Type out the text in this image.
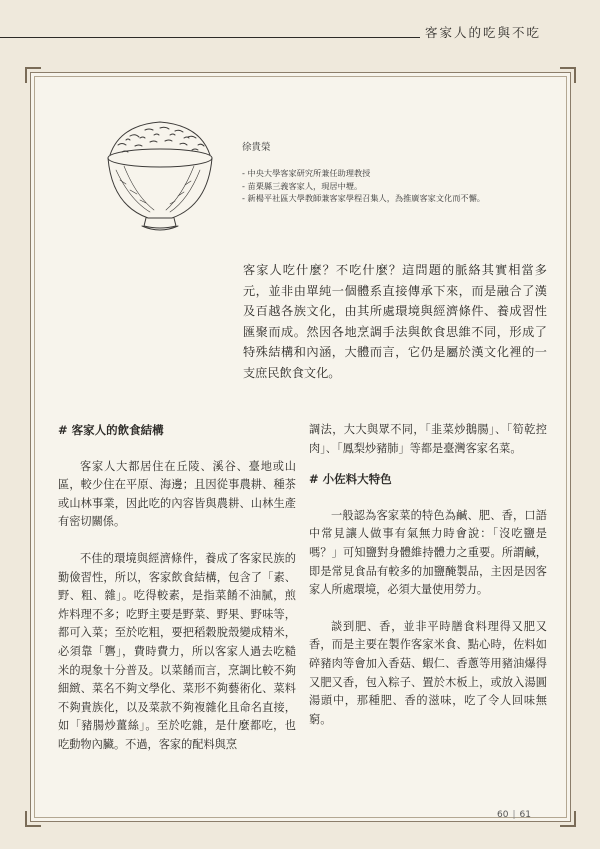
客家人的吃與不吃
徐貴榮
- 中央大學客家研究所兼任助理教授
- 苗栗縣三義客家人，現居中壢。
- 新楊平社區大學教師兼客家學程召集人，為推廣客家文化而不懈。
客家人吃什麼？不吃什麼？這問題的脈絡其實相當多元，並非由單純一個體系直接傳承下來，而是融合了漢及百越各族文化，由其所處環境與經濟條件、養成習性匯聚而成。然因各地烹調手法與飲食思維不同，形成了特殊結構和內涵，大體而言，它仍是屬於漢文化裡的一支庶民飲食文化。

# 客家人的飲食結構

客家人大都居住在丘陵、溪谷、臺地或山區，較少住在平原、海邊；且因從事農耕、種茶或山林事業，因此吃的內容皆與農耕、山林生產有密切關係。

不佳的環境與經濟條件，養成了客家民族的勤儉習性，所以，客家飲食結構，包含了「素、野、粗、雜」。吃得較素，是指菜餚不油膩，煎炸料理不多；吃野主要是野菜、野果、野味等，都可入菜；至於吃粗，要把稻穀脫殼變成精米，必須靠「礱」，費時費力，所以客家人過去吃糙米的現象十分普及。以菜餚而言，烹調比較不夠細緻、菜名不夠文學化、菜形不夠藝術化、菜料不夠貴族化，以及菜款不夠複雜化且命名直接，如「豬腸炒薑絲」。至於吃雜，是什麼都吃，也吃動物內臟。不過，客家的配料與烹

調法，大大與眾不同，「韭菜炒鵝腸」、「筍乾控肉」、「鳳梨炒豬肺」等都是臺灣客家名菜。

# 小佐料大特色

一般認為客家菜的特色為鹹、肥、香，口語中常見讓人做事有氣無力時會說：「沒吃鹽是嗎？」可知鹽對身體維持體力之重要。所謂鹹，即是常見食品有較多的加鹽醃製品，主因是因客家人所處環境，必須大量使用勞力。

談到肥、香，並非平時膳食料理得又肥又香，而是主要在製作客家米食、點心時，佐料如碎豬肉等會加入香菇、蝦仁、香蔥等用豬油爆得又肥又香，包入粽子、置於木板上，或放入湯圓湯頭中，那種肥、香的滋味，吃了令人回味無窮。

60 | 61
